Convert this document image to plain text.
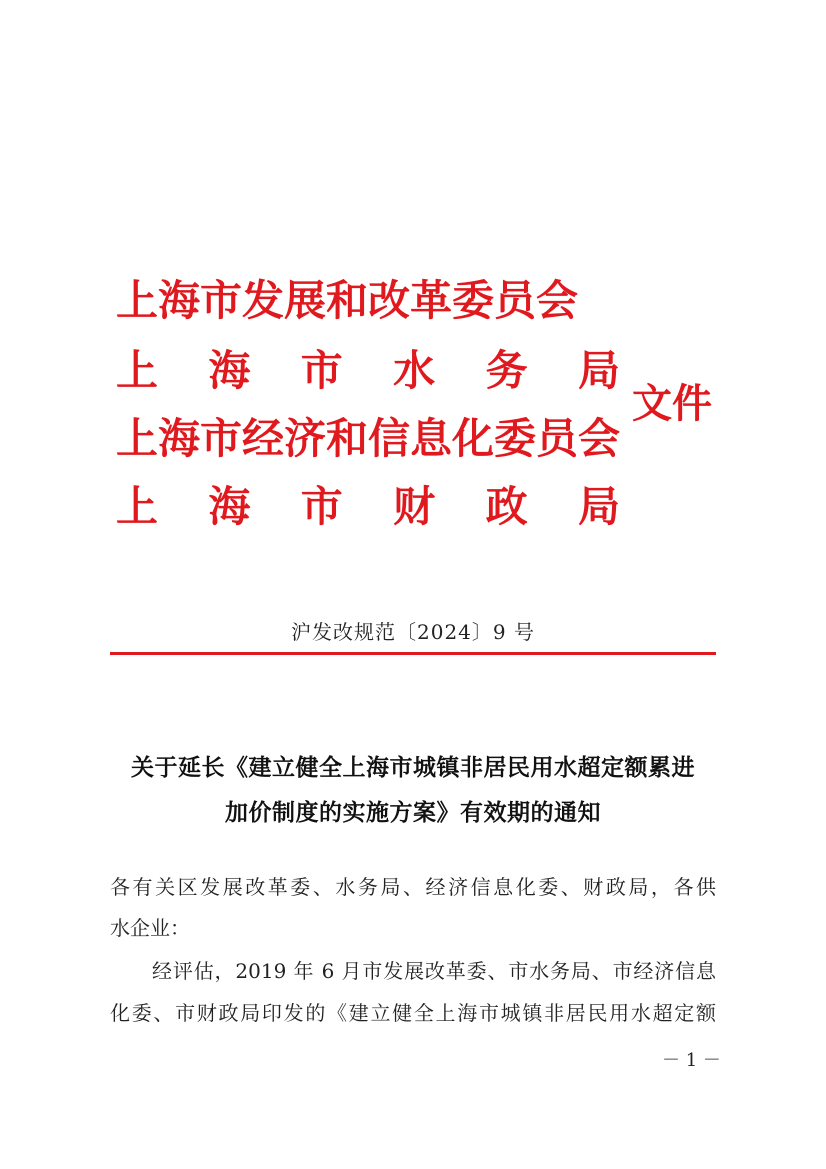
上海市发展和改革委员会
上 海 市 水 务 局
上海市经济和信息化委员会
上 海 市 财 政 局
文件
沪发改规范〔2024〕9 号
关于延长《建立健全上海市城镇非居民用水超定额累进
加价制度的实施方案》有效期的通知
各有关区发展改革委、水务局、经济信息化委、财政局，各供
水企业：
经评估，2019 年 6 月市发展改革委、市水务局、市经济信息
化委、市财政局印发的《建立健全上海市城镇非居民用水超定额
－ 1 －
